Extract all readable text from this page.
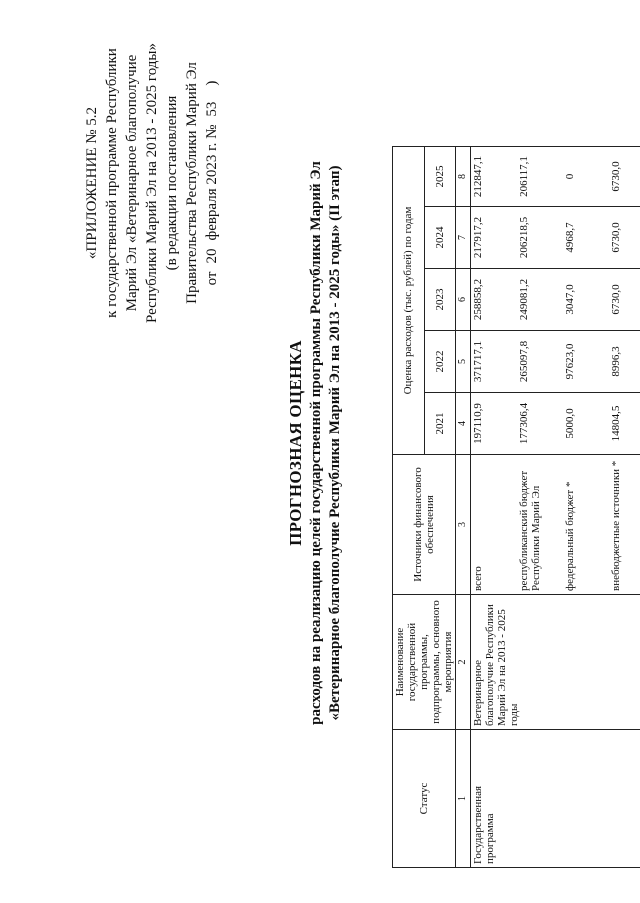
«ПРИЛОЖЕНИЕ № 5.2 к государственной программе Республики Марий Эл «Ветеринарное благополучие Республики Марий Эл на 2013 - 2025 годы» (в редакции постановления Правительства Республики Марий Эл от20февраля 2023 г. №53)
ПРОГНОЗНАЯ ОЦЕНКА расходов на реализацию целей государственной программы Республики Марий Эл «Ветеринарное благополучие Республики Марий Эл на 2013 - 2025 годы» (II этап)
Статус	Наименование государственной программы, подпрограммы, основного мероприятия	Источники финансового обеспечения	Оценка расходов (тыс. рублей) по годам				
			2021	2022	2023	2024	2025
1	2	3	4	5	6	7	8
Государственная программа	Ветеринарное благополучие Республики Марий Эл на 2013 - 2025 годы	всего	197110,9	371717,1	258858,2	217917,2	212847,1
		республиканский бюджет Республики Марий Эл	177306,4	265097,8	249081,2	206218,5	206117,1
		федеральный бюджет *	5000,0	97623,0	3047,0	4968,7	0
		внебюджетные источники *	14804,5	8996,3	6730,0	6730,0	6730,0
